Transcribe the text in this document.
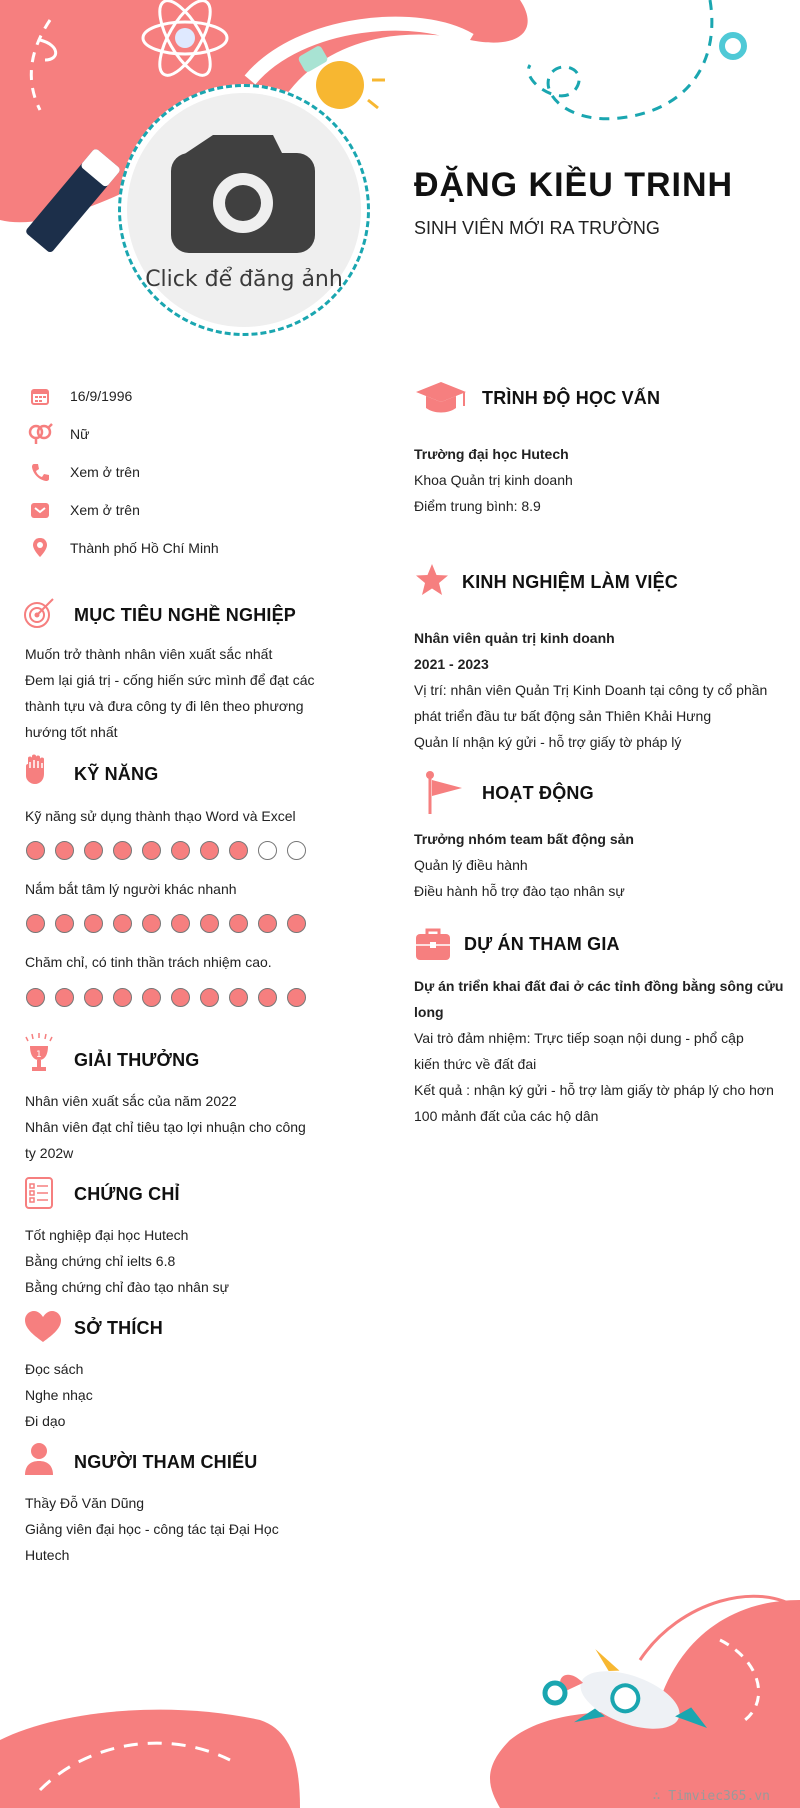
Click để đăng ảnh
ĐẶNG KIỀU TRINH
SINH VIÊN MỚI RA TRƯỜNG
16/9/1996
Nữ
Xem ở trên
Xem ở trên
Thành phố Hồ Chí Minh
MỤC TIÊU NGHỀ NGHIỆP
Muốn trở thành nhân viên xuất sắc nhất
Đem lại giá trị - cống hiến sức mình để đạt các
thành tựu và đưa công ty đi lên theo phương
hướng tốt nhất
KỸ NĂNG
Kỹ năng sử dụng thành thạo Word và Excel
Nắm bắt tâm lý người khác nhanh
Chăm chỉ, có tinh thần trách nhiệm cao.
1 GIẢI THƯỞNG
Nhân viên xuất sắc của năm 2022
Nhân viên đạt chỉ tiêu tạo lợi nhuận cho công
ty 202w
CHỨNG CHỈ
Tốt nghiệp đại học Hutech
Bằng chứng chỉ ielts 6.8
Bằng chứng chỉ đào tạo nhân sự
SỞ THÍCH
Đọc sách
Nghe nhạc
Đi dạo
NGƯỜI THAM CHIẾU
Thầy Đỗ Văn Dũng
Giảng viên đại học - công tác tại Đại Học
Hutech
TRÌNH ĐỘ HỌC VẤN
Trường đại học Hutech
Khoa Quản trị kinh doanh
Điểm trung bình: 8.9
KINH NGHIỆM LÀM VIỆC
Nhân viên quản trị kinh doanh
2021 - 2023
Vị trí: nhân viên Quản Trị Kinh Doanh tại công ty cổ phần
phát triển đầu tư bất động sản Thiên Khải Hưng
Quản lí nhận ký gửi - hỗ trợ giấy tờ pháp lý
HOẠT ĐỘNG
Trưởng nhóm team bất động sản
Quản lý điều hành
Điều hành hỗ trợ đào tạo nhân sự
DỰ ÁN THAM GIA
Dự án triển khai đất đai ở các tỉnh đồng bằng sông cửu
long
Vai trò đảm nhiệm: Trực tiếp soạn nội dung - phổ cập
kiến thức về đất đai
Kết quả : nhận ký gửi - hỗ trợ làm giấy tờ pháp lý cho hơn
100 mảnh đất của các hộ dân
∴ Timviec365.vn
